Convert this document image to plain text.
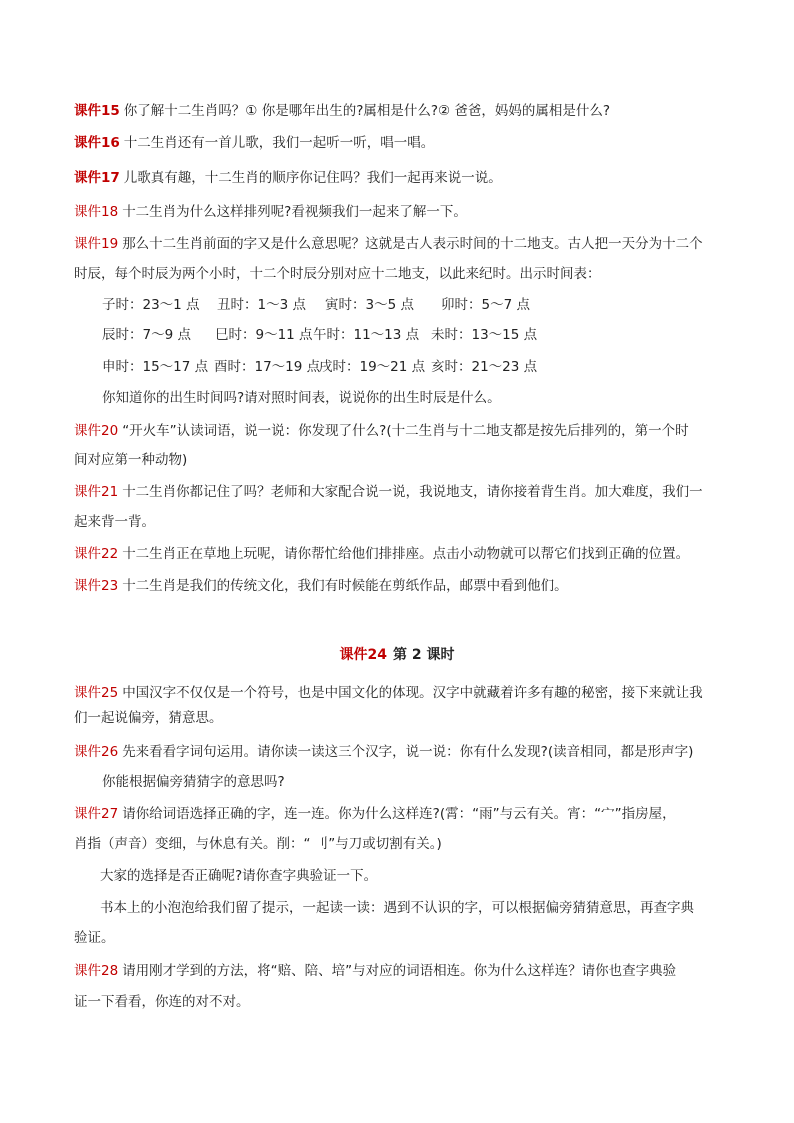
课件15 你了解十二生肖吗？① 你是哪年出生的?属相是什么?② 爸爸，妈妈的属相是什么?
课件16 十二生肖还有一首儿歌，我们一起听一听，唱一唱。
课件17 儿歌真有趣，十二生肖的顺序你记住吗？我们一起再来说一说。
课件18 十二生肖为什么这样排列呢?看视频我们一起来了解一下。
课件19 那么十二生肖前面的字又是什么意思呢？这就是古人表示时间的十二地支。古人把一天分为十二个
时辰，每个时辰为两个小时，十二个时辰分别对应十二地支，以此来纪时。出示时间表：
子时：23～1 点 丑时：1～3 点 寅时：3～5 点 卯时：5～7 点
辰时：7～9 点 巳时：9～11 点午时：11～13 点 未时：13～15 点
申时：15～17 点 酉时：17～19 点戌时：19～21 点 亥时：21～23 点
你知道你的出生时间吗?请对照时间表，说说你的出生时辰是什么。
课件20 “开火车”认读词语，说一说：你发现了什么?(十二生肖与十二地支都是按先后排列的，第一个时
间对应第一种动物)
课件21 十二生肖你都记住了吗？老师和大家配合说一说，我说地支，请你接着背生肖。加大难度，我们一
起来背一背。
课件22 十二生肖正在草地上玩呢，请你帮忙给他们排排座。点击小动物就可以帮它们找到正确的位置。
课件23 十二生肖是我们的传统文化，我们有时候能在剪纸作品，邮票中看到他们。
课件24 第 2 课时
课件25 中国汉字不仅仅是一个符号，也是中国文化的体现。汉字中就藏着许多有趣的秘密，接下来就让我
们一起说偏旁，猜意思。
课件26 先来看看字词句运用。请你读一读这三个汉字，说一说：你有什么发现?(读音相同，都是形声字)
你能根据偏旁猜猜字的意思吗?
课件27 请你给词语选择正确的字，连一连。你为什么这样连?(霄：“雨”与云有关。宵：“宀”指房屋，
肖指（声音）变细，与休息有关。削：“ 刂”与刀或切割有关。)
大家的选择是否正确呢?请你查字典验证一下。
书本上的小泡泡给我们留了提示，一起读一读：遇到不认识的字，可以根据偏旁猜猜意思，再查字典
验证。
课件28 请用刚才学到的方法，将“赔、陪、培”与对应的词语相连。你为什么这样连？请你也查字典验
证一下看看，你连的对不对。
